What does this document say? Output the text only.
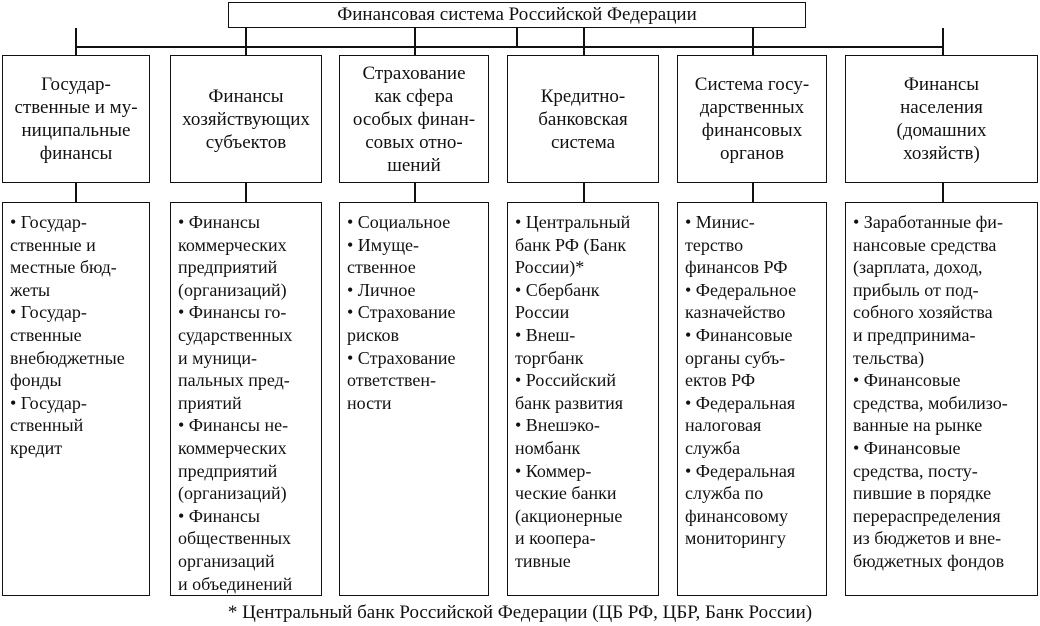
Финансовая система Российской Федерации
Государ-
ственные и му-
ниципальные
финансы
Финансы
хозяйствующих
субъектов
Страхование
как сфера
особых финан-
совых отно-
шений
Кредитно-
банковская
система
Система госу-
дарственных
финансовых
органов
Финансы
населения
(домашних
хозяйств)
• Государ-
ственные и
местные бюд-
жеты
• Государ-
ственные
внебюджетные
фонды
• Государ-
ственный
кредит
• Финансы
коммерческих
предприятий
(организаций)
• Финансы го-
сударственных
и муници-
пальных пред-
приятий
• Финансы не-
коммерческих
предприятий
(организаций)
• Финансы
общественных
организаций
и объединений
• Социальное
• Имуще-
ственное
• Личное
• Страхование
рисков
• Страхование
ответствен-
ности
• Центральный
банк РФ (Банк
России)*
• Сбербанк
России
• Внеш-
торгбанк
• Российский
банк развития
• Внешэко-
номбанк
• Коммер-
ческие банки
(акционерные
и коопера-
тивные
• Минис-
терство
финансов РФ
• Федеральное
казначейство
• Финансовые
органы субъ-
ектов РФ
• Федеральная
налоговая
служба
• Федеральная
служба по
финансовому
мониторингу
• Заработанные фи-
нансовые средства
(зарплата, доход,
прибыль от под-
собного хозяйства
и предпринима-
тельства)
• Финансовые
средства, мобилизо-
ванные на рынке
• Финансовые
средства, посту-
пившие в порядке
перераспределения
из бюджетов и вне-
бюджетных фондов
* Центральный банк Российской Федерации (ЦБ РФ, ЦБР, Банк России)
